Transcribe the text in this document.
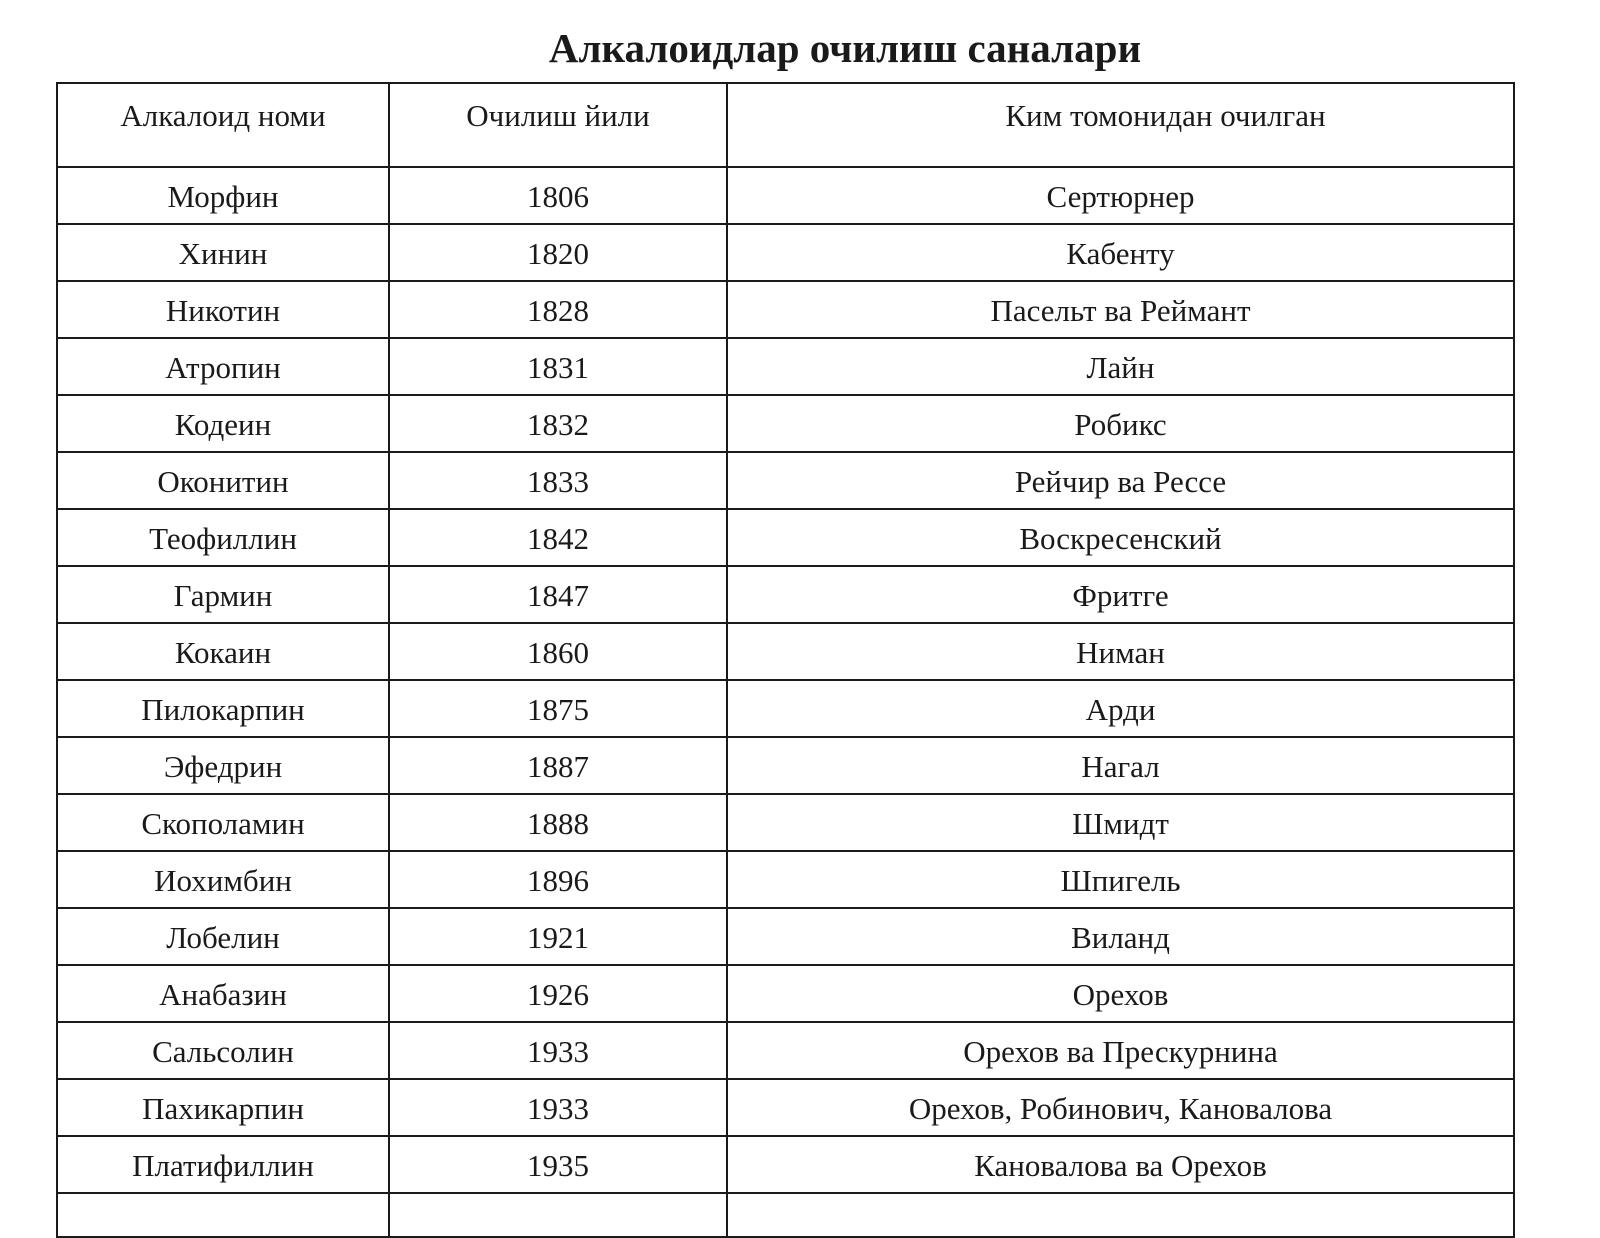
Алкалоидлар очилиш саналари
Алкалоид номи	Очилиш йили	Ким томонидан очилган
Морфин	1806	Сертюрнер
Хинин	1820	Кабенту
Никотин	1828	Пасельт ва Реймант
Атропин	1831	Лайн
Кодеин	1832	Робикс
Оконитин	1833	Рейчир ва Рессе
Теофиллин	1842	Воскресенский
Гармин	1847	Фритге
Кокаин	1860	Ниман
Пилокарпин	1875	Арди
Эфедрин	1887	Нагал
Скополамин	1888	Шмидт
Иохимбин	1896	Шпигель
Лобелин	1921	Виланд
Анабазин	1926	Орехов
Сальсолин	1933	Орехов ва Прескурнина
Пахикарпин	1933	Орехов, Робинович, Кановалова
Платифиллин	1935	Кановалова ва Орехов
